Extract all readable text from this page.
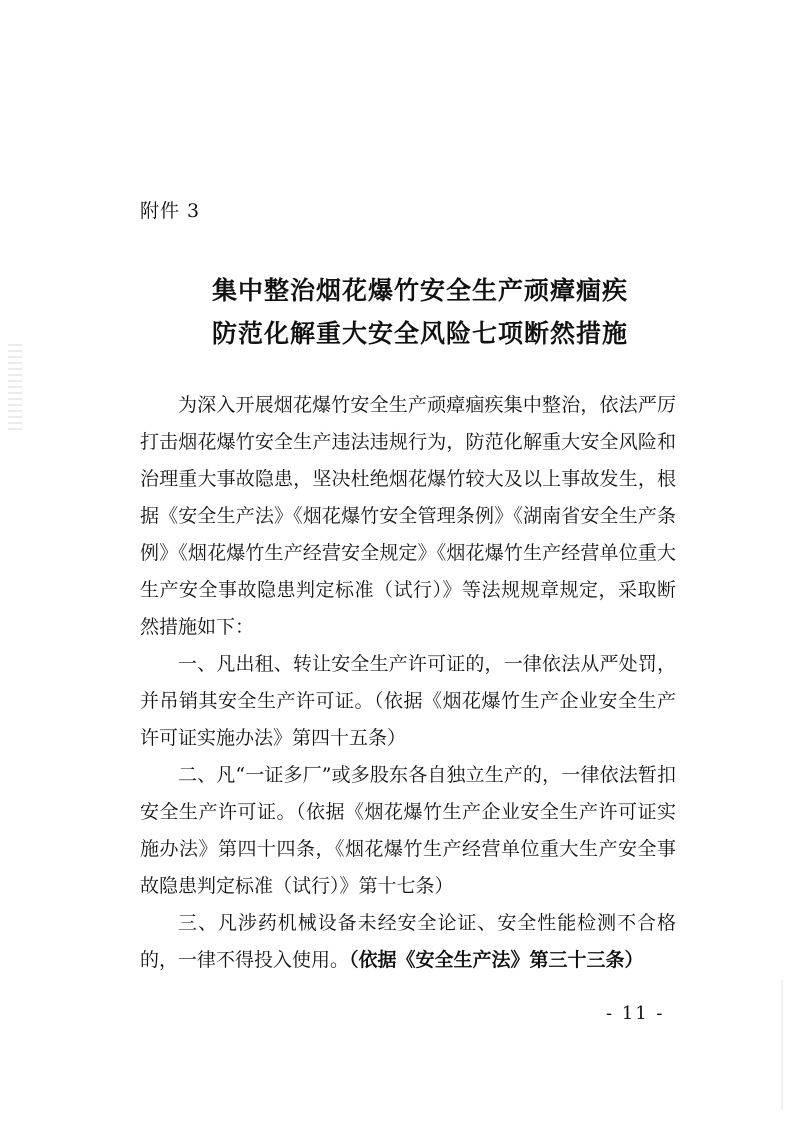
附件 3
集中整治烟花爆竹安全生产顽瘴痼疾
防范化解重大安全风险七项断然措施

为深入开展烟花爆竹安全生产顽瘴痼疾集中整治，依法严厉打击烟花爆竹安全生产违法违规行为，防范化解重大安全风险和治理重大事故隐患，坚决杜绝烟花爆竹较大及以上事故发生，根据《安全生产法》《烟花爆竹安全管理条例》《湖南省安全生产条例》《烟花爆竹生产经营安全规定》《烟花爆竹生产经营单位重大生产安全事故隐患判定标准（试行）》等法规规章规定，采取断然措施如下：

一、凡出租、转让安全生产许可证的，一律依法从严处罚，并吊销其安全生产许可证。（依据《烟花爆竹生产企业安全生产许可证实施办法》第四十五条）

二、凡“一证多厂”或多股东各自独立生产的，一律依法暂扣安全生产许可证。（依据《烟花爆竹生产企业安全生产许可证实施办法》第四十四条，《烟花爆竹生产经营单位重大生产安全事故隐患判定标准（试行）》第十七条）

三、凡涉药机械设备未经安全论证、安全性能检测不合格的，一律不得投入使用。（依据《安全生产法》第三十三条）

- 11 -
